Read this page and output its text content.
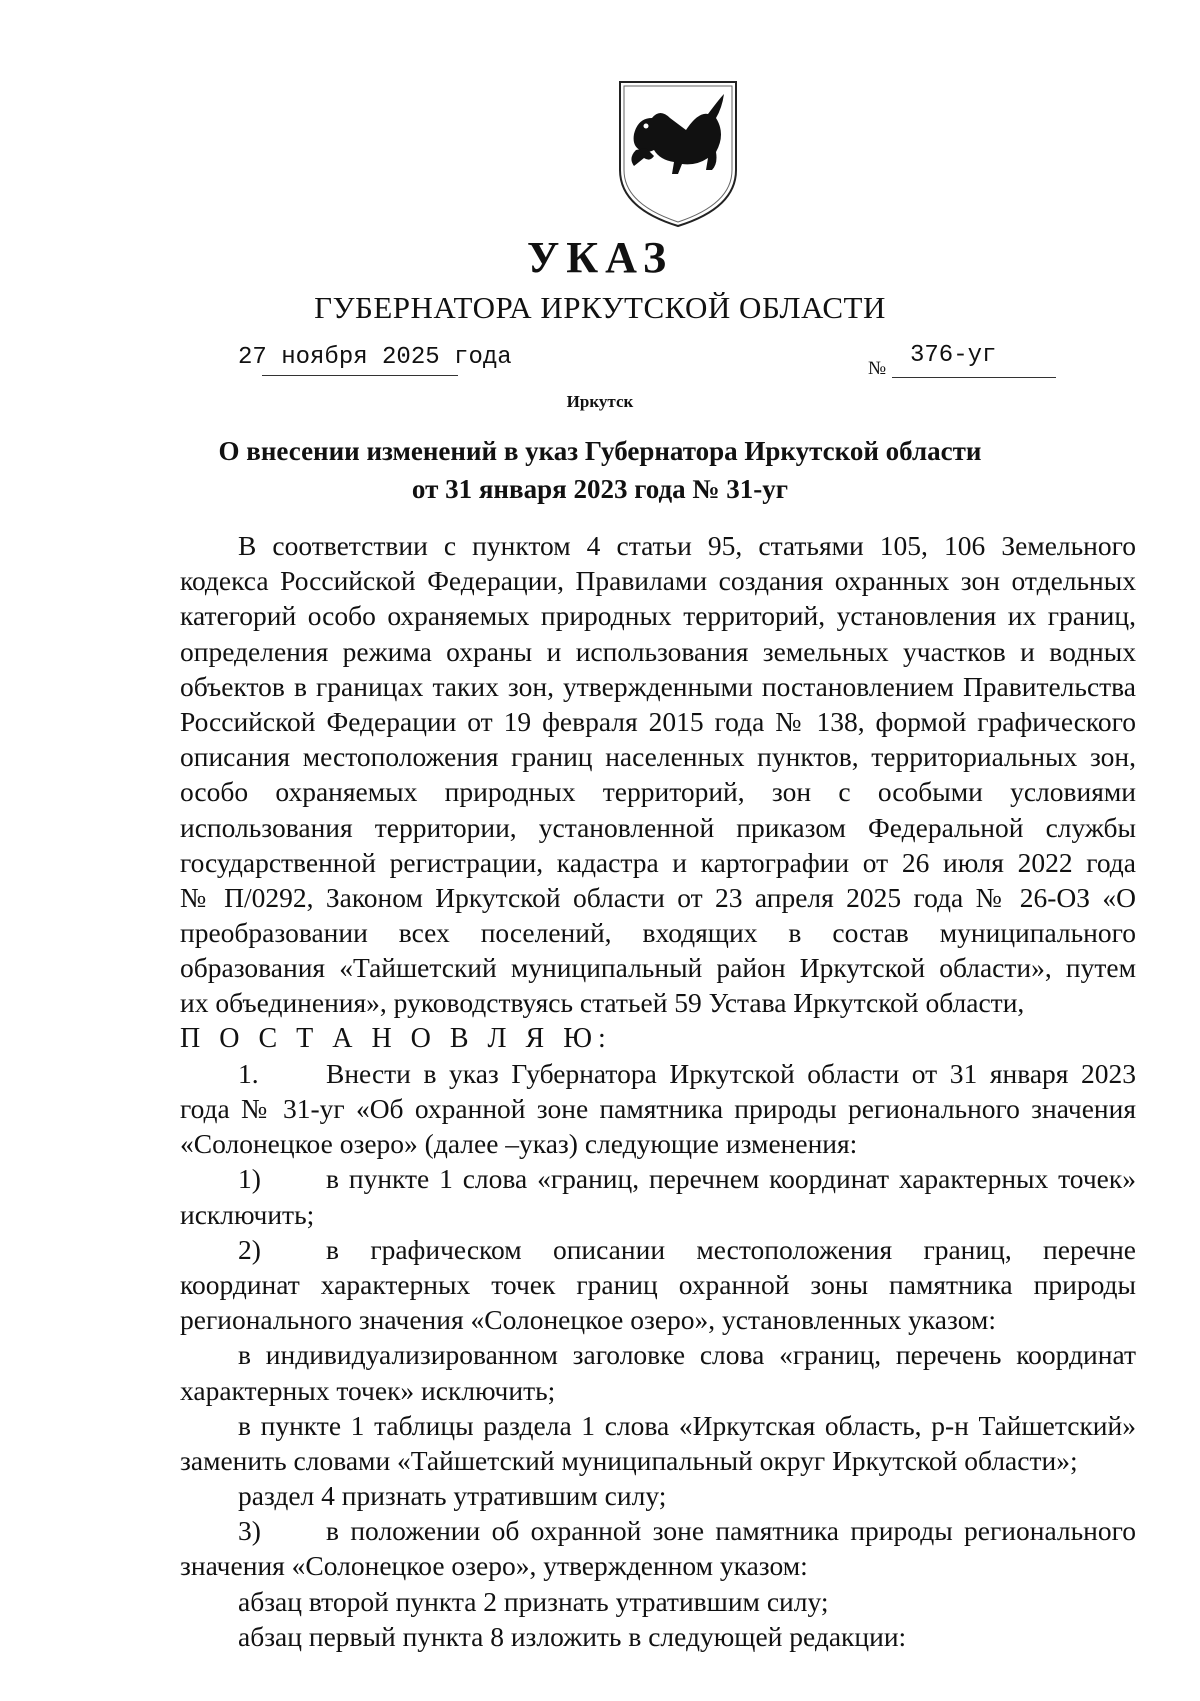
УКАЗ
ГУБЕРНАТОРА ИРКУТСКОЙ ОБЛАСТИ
27 ноября 2025 года	№ 376-уг
Иркутск
О внесении изменений в указ Губернатора Иркутской области
от 31 января 2023 года № 31-уг
В соответствии с пунктом 4 статьи 95, статьями 105, 106 Земельного
кодекса Российской Федерации, Правилами создания охранных зон отдельных
категорий особо охраняемых природных территорий, установления их границ,
определения режима охраны и использования земельных участков и водных
объектов в границах таких зон, утвержденными постановлением Правительства
Российской Федерации от 19 февраля 2015 года № 138, формой графического
описания местоположения границ населенных пунктов, территориальных зон,
особо охраняемых природных территорий, зон с особыми условиями
использования территории, установленной приказом Федеральной службы
государственной регистрации, кадастра и картографии от 26 июля 2022 года
№ П/0292, Законом Иркутской области от 23 апреля 2025 года № 26-ОЗ «О
преобразовании всех поселений, входящих в состав муниципального
образования «Тайшетский муниципальный район Иркутской области», путем
их объединения», руководствуясь статьей 59 Устава Иркутской области,
П О С Т А Н О В Л Я Ю:
1. Внести в указ Губернатора Иркутской области от 31 января 2023
года № 31-уг «Об охранной зоне памятника природы регионального значения
«Солонецкое озеро» (далее –указ) следующие изменения:
1) в пункте 1 слова «границ, перечнем координат характерных точек»
исключить;
2) в графическом описании местоположения границ, перечне
координат характерных точек границ охранной зоны памятника природы
регионального значения «Солонецкое озеро», установленных указом:
в индивидуализированном заголовке слова «границ, перечень координат
характерных точек» исключить;
в пункте 1 таблицы раздела 1 слова «Иркутская область, р-н Тайшетский»
заменить словами «Тайшетский муниципальный округ Иркутской области»;
раздел 4 признать утратившим силу;
3) в положении об охранной зоне памятника природы регионального
значения «Солонецкое озеро», утвержденном указом:
абзац второй пункта 2 признать утратившим силу;
абзац первый пункта 8 изложить в следующей редакции:
